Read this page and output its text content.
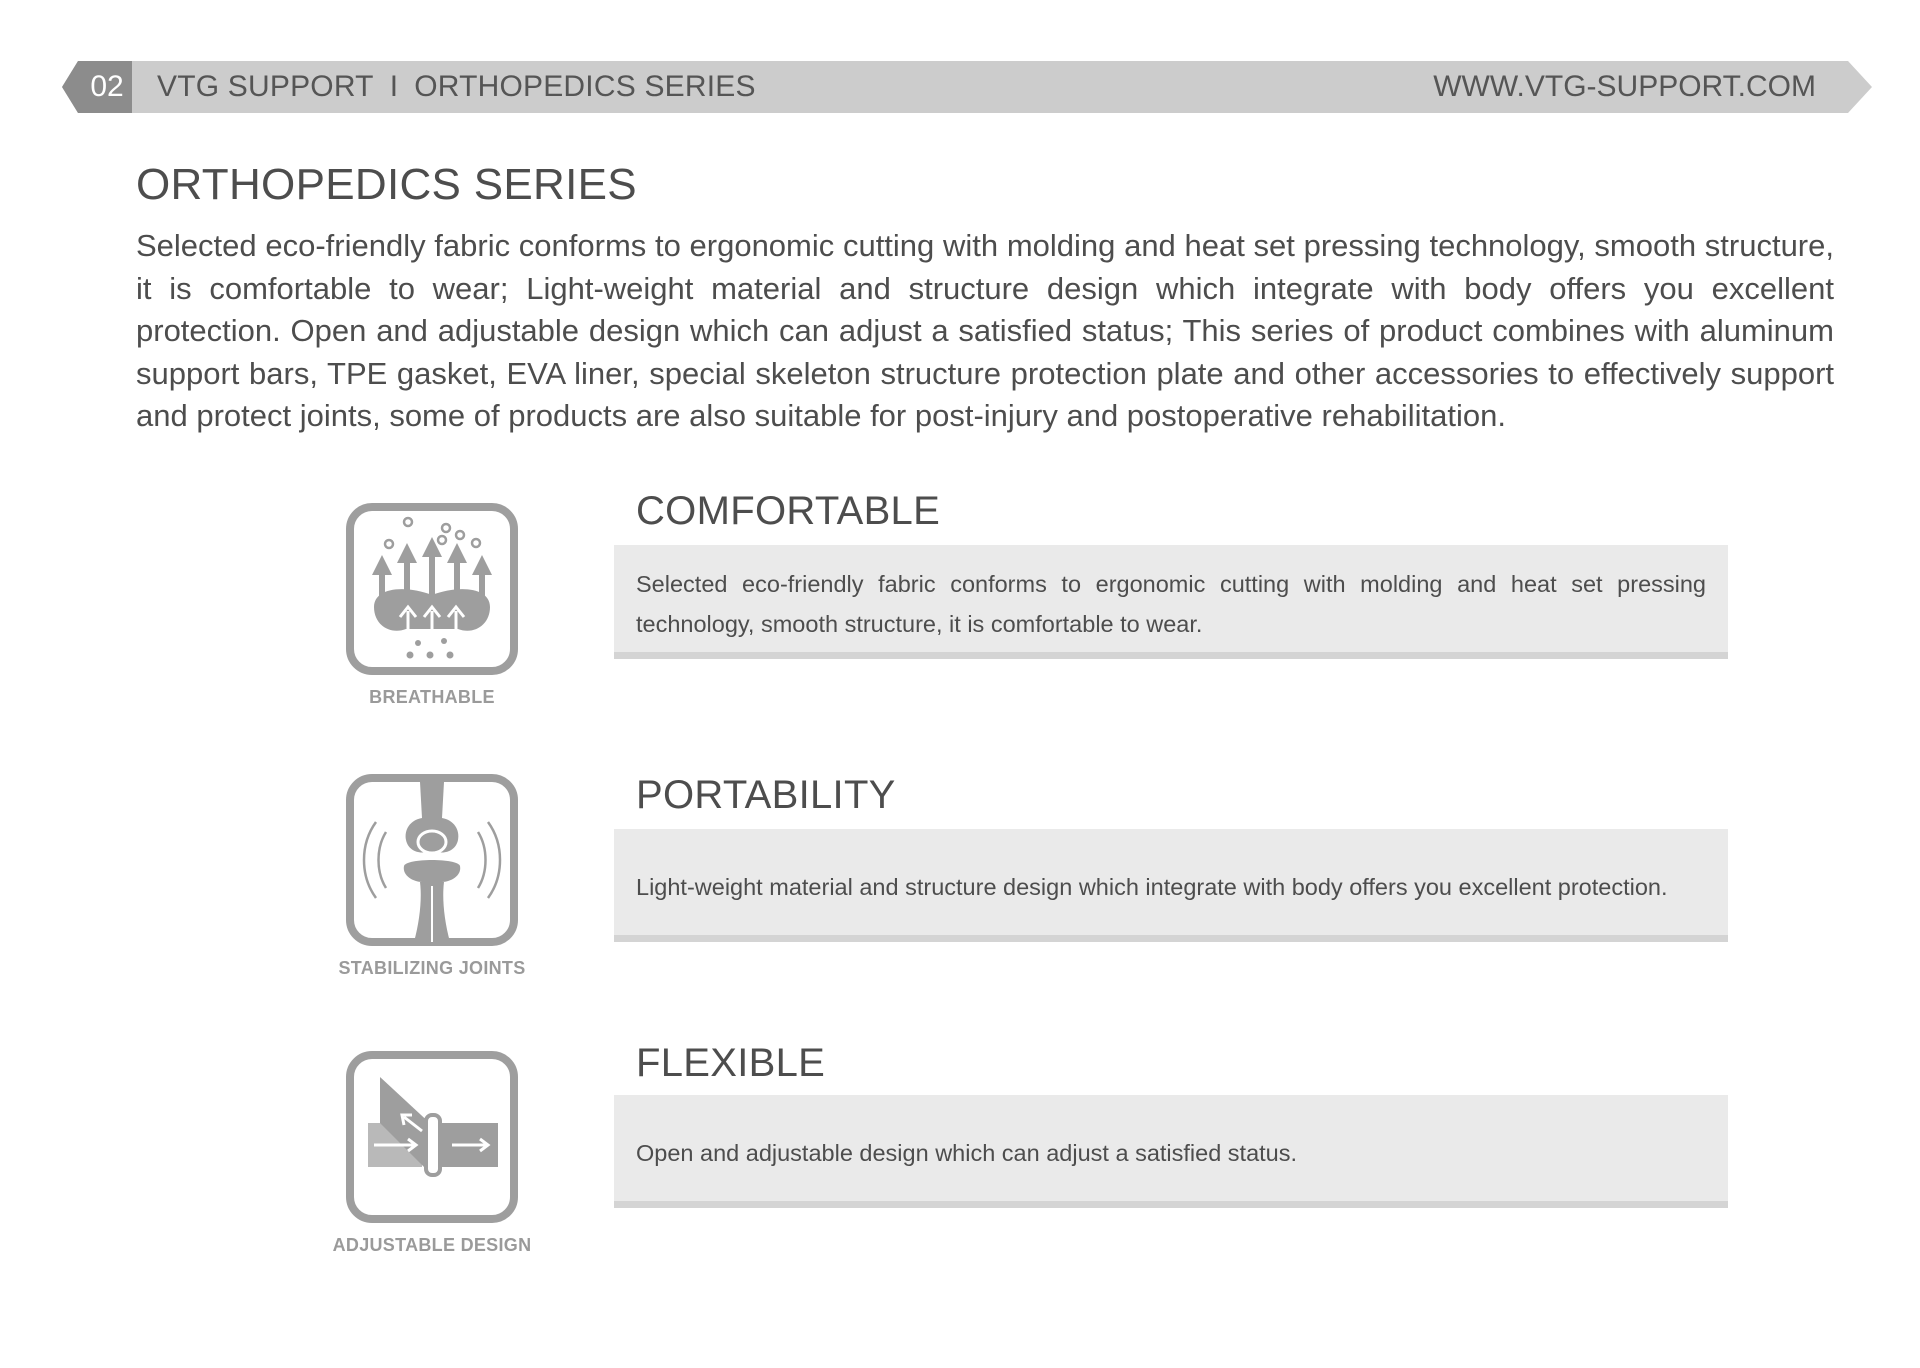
02	VTG SUPPORT I ORTHOPEDICS SERIES	WWW.VTG-SUPPORT.COM
ORTHOPEDICS SERIES

Selected eco-friendly fabric conforms to ergonomic cutting with molding and heat set pressing technology, smooth structure, it is comfortable to wear; Light-weight material and structure design which integrate with body offers you excellent protection. Open and adjustable design which can adjust a satisfied status; This series of product combines with aluminum support bars, TPE gasket, EVA liner, special skeleton structure protection plate and other accessories to effectively support and protect joints, some of products are also suitable for post-injury and postoperative rehabilitation.

BREATHABLE
COMFORTABLE

Selected eco-friendly fabric conforms to ergonomic cutting with molding and heat set pressing technology, smooth structure, it is comfortable to wear.

STABILIZING JOINTS
PORTABILITY

Light-weight material and structure design which integrate with body offers you excellent protection.

ADJUSTABLE DESIGN
FLEXIBLE

Open and adjustable design which can adjust a satisfied status.
